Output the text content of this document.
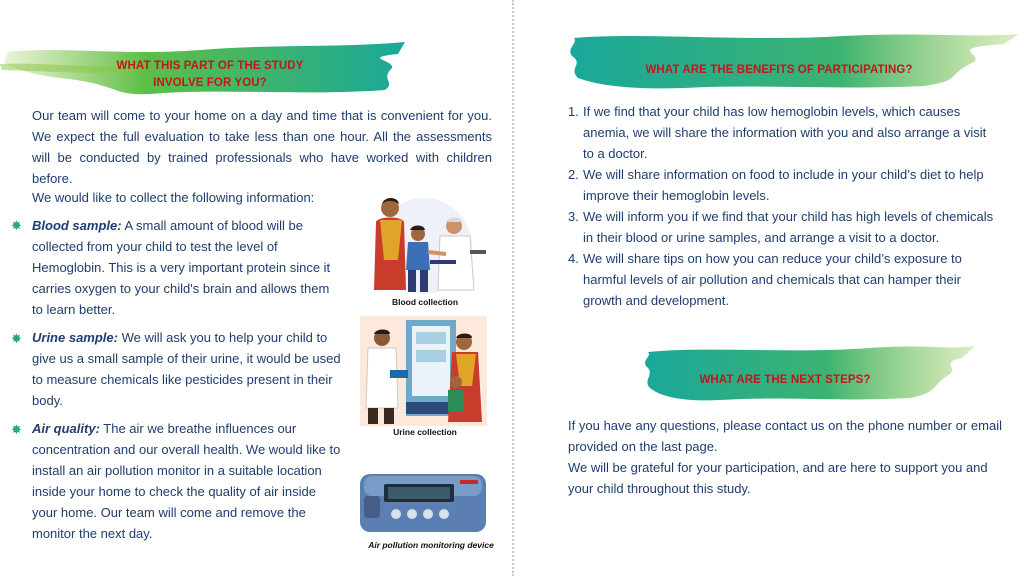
WHAT THIS PART OF THE STUDY
INVOLVE FOR YOU?
Our team will come to your home on a day and time that is convenient for you. We expect the full evaluation to take less than one hour. All the assessments will be conducted by trained professionals who have worked with children before.
We would like to collect the following information:
✸ Blood sample: A small amount of blood will be collected from your child to test the level of Hemoglobin. This is a very important protein since it carries oxygen to your child's brain and allows them to learn better.
✸ Urine sample: We will ask you to help your child to give us a small sample of their urine, it would be used to measure chemicals like pesticides present in their body.
✸ Air quality: The air we breathe influences our concentration and our overall health. We would like to install an air pollution monitor in a suitable location inside your home to check the quality of air inside your home. Our team will come and remove the monitor the next day.
Blood collection
Urine collection
Air pollution monitoring device
WHAT ARE THE BENEFITS OF PARTICIPATING?
1. If we find that your child has low hemoglobin levels, which causes anemia, we will share the information with you and also arrange a visit to a doctor.
2. We will share information on food to include in your child’s diet to help improve their hemoglobin levels.
3. We will inform you if we find that your child has high levels of chemicals in their blood or urine samples, and arrange a visit to a doctor.
4. We will share tips on how you can reduce your child’s exposure to harmful levels of air pollution and chemicals that can hamper their growth and development.
WHAT ARE THE NEXT STEPS?
If you have any questions, please contact us on the phone number or email provided on the last page.
We will be grateful for your participation, and are here to support you and your child throughout this study.
